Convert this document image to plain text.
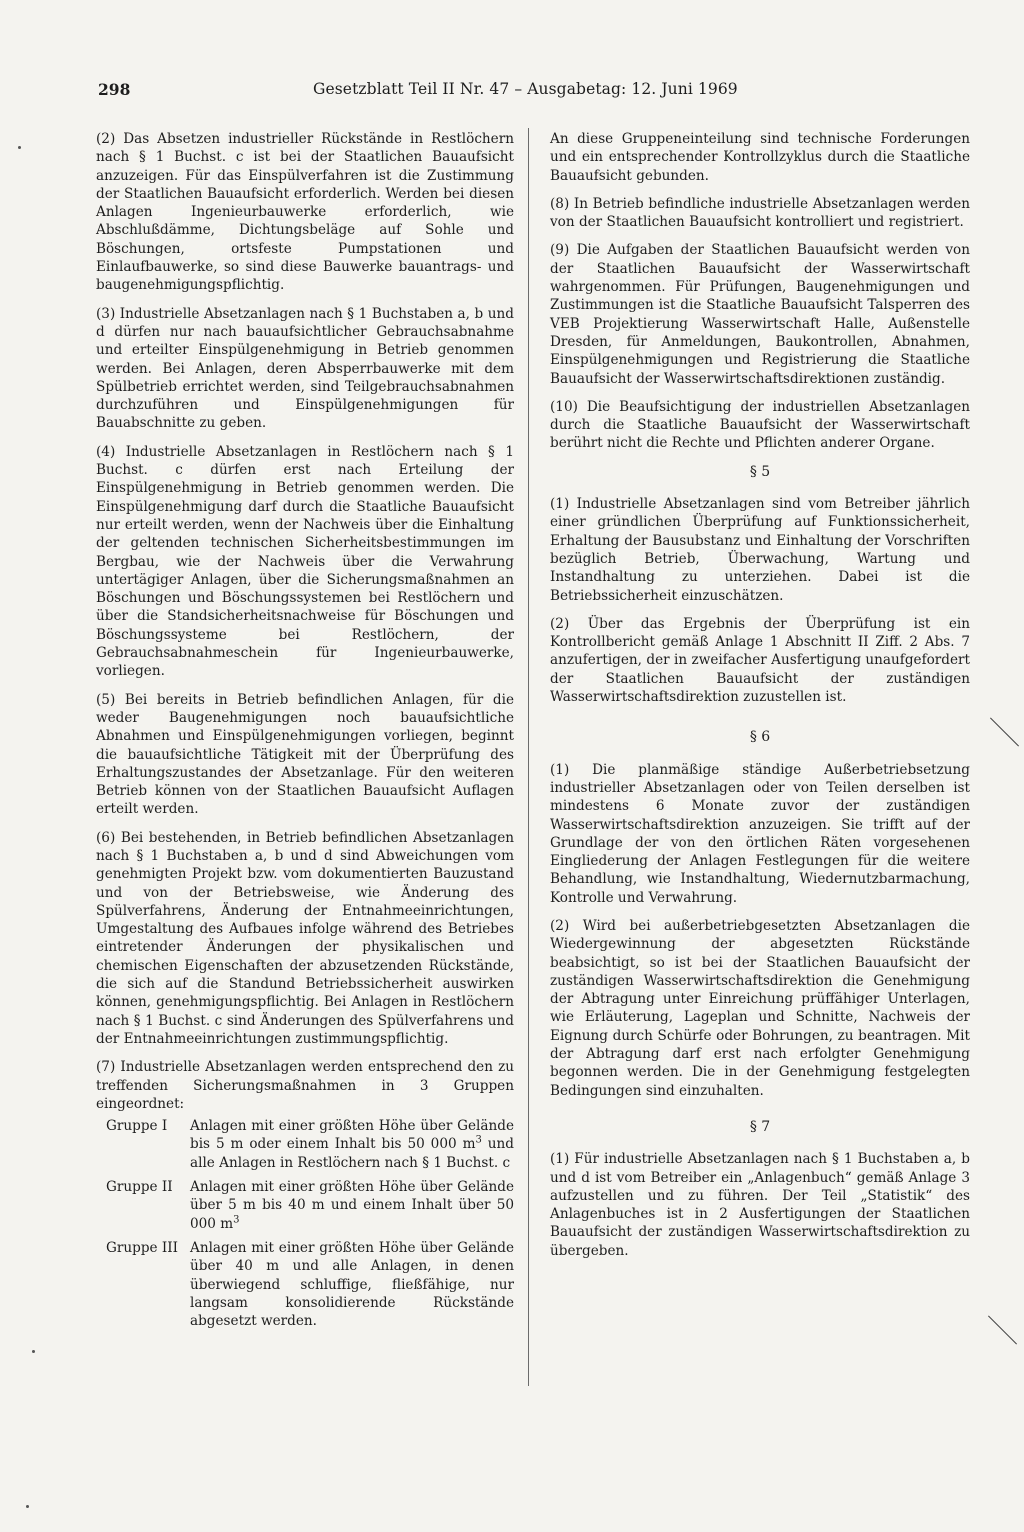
298	Gesetzblatt Teil II Nr. 47 – Ausgabetag: 12. Juni 1969

(2) Das Absetzen industrieller Rückstände in Restlöchern nach § 1 Buchst. c ist bei der Staatlichen Bauaufsicht anzuzeigen. Für das Einspülverfahren ist die Zustimmung der Staatlichen Bauaufsicht erforderlich. Werden bei diesen Anlagen Ingenieurbauwerke erforderlich, wie Abschlußdämme, Dichtungsbeläge auf Sohle und Böschungen, ortsfeste Pumpstationen und Einlaufbauwerke, so sind diese Bauwerke bauantrags- und baugenehmigungspflichtig.

(3) Industrielle Absetzanlagen nach § 1 Buchstaben a, b und d dürfen nur nach bauaufsichtlicher Gebrauchsabnahme und erteilter Einspülgenehmigung in Betrieb genommen werden. Bei Anlagen, deren Absperrbauwerke mit dem Spülbetrieb errichtet werden, sind Teilgebrauchsabnahmen durchzuführen und Einspülgenehmigungen für Bauabschnitte zu geben.

(4) Industrielle Absetzanlagen in Restlöchern nach § 1 Buchst. c dürfen erst nach Erteilung der Einspülgenehmigung in Betrieb genommen werden. Die Einspülgenehmigung darf durch die Staatliche Bauaufsicht nur erteilt werden, wenn der Nachweis über die Einhaltung der geltenden technischen Sicherheitsbestimmungen im Bergbau, wie der Nachweis über die Verwahrung untertägiger Anlagen, über die Sicherungsmaßnahmen an Böschungen und Böschungssystemen bei Restlöchern und über die Standsicherheitsnachweise für Böschungen und Böschungssysteme bei Restlöchern, der Gebrauchsabnahmeschein für Ingenieurbauwerke, vorliegen.

(5) Bei bereits in Betrieb befindlichen Anlagen, für die weder Baugenehmigungen noch bauaufsichtliche Abnahmen und Einspülgenehmigungen vorliegen, beginnt die bauaufsichtliche Tätigkeit mit der Überprüfung des Erhaltungszustandes der Absetzanlage. Für den weiteren Betrieb können von der Staatlichen Bauaufsicht Auflagen erteilt werden.

(6) Bei bestehenden, in Betrieb befindlichen Absetzanlagen nach § 1 Buchstaben a, b und d sind Abweichungen vom genehmigten Projekt bzw. vom dokumentierten Bauzustand und von der Betriebsweise, wie Änderung des Spülverfahrens, Änderung der Entnahmeeinrichtungen, Umgestaltung des Aufbaues infolge während des Betriebes eintretender Änderungen der physikalischen und chemischen Eigenschaften der abzusetzenden Rückstände, die sich auf die Standund Betriebssicherheit auswirken können, genehmigungspflichtig. Bei Anlagen in Restlöchern nach § 1 Buchst. c sind Änderungen des Spülverfahrens und der Entnahmeeinrichtungen zustimmungspflichtig.

(7) Industrielle Absetzanlagen werden entsprechend den zu treffenden Sicherungsmaßnahmen in 3 Gruppen eingeordnet:

Gruppe I	Anlagen mit einer größten Höhe über Gelände bis 5 m oder einem Inhalt bis 50 000 $m^3$ und alle Anlagen in Restlöchern nach § 1 Buchst. c
Gruppe II	Anlagen mit einer größten Höhe über Gelände über 5 m bis 40 m und einem Inhalt über 50 000 $m^3$
Gruppe III Anlagen mit einer größten Höhe über Gelände über 40 m und alle Anlagen, in denen überwiegend schluffige, fließfähige, nur langsam konsolidierende Rückstände abgesetzt werden.

An diese Gruppeneinteilung sind technische Forderungen und ein entsprechender Kontrollzyklus durch die Staatliche Bauaufsicht gebunden.

(8) In Betrieb befindliche industrielle Absetzanlagen werden von der Staatlichen Bauaufsicht kontrolliert und registriert.

(9) Die Aufgaben der Staatlichen Bauaufsicht werden von der Staatlichen Bauaufsicht der Wasserwirtschaft wahrgenommen. Für Prüfungen, Baugenehmigungen und Zustimmungen ist die Staatliche Bauaufsicht Talsperren des VEB Projektierung Wasserwirtschaft Halle, Außenstelle Dresden, für Anmeldungen, Baukontrollen, Abnahmen, Einspülgenehmigungen und Registrierung die Staatliche Bauaufsicht der Wasserwirtschaftsdirektionen zuständig.

(10) Die Beaufsichtigung der industriellen Absetzanlagen durch die Staatliche Bauaufsicht der Wasserwirtschaft berührt nicht die Rechte und Pflichten anderer Organe.

§ 5

(1) Industrielle Absetzanlagen sind vom Betreiber jährlich einer gründlichen Überprüfung auf Funktionssicherheit, Erhaltung der Bausubstanz und Einhaltung der Vorschriften bezüglich Betrieb, Überwachung, Wartung und Instandhaltung zu unterziehen. Dabei ist die Betriebssicherheit einzuschätzen.

(2) Über das Ergebnis der Überprüfung ist ein Kontrollbericht gemäß Anlage 1 Abschnitt II Ziff. 2 Abs. 7 anzufertigen, der in zweifacher Ausfertigung unaufgefordert der Staatlichen Bauaufsicht der zuständigen Wasserwirtschaftsdirektion zuzustellen ist.

§ 6

(1) Die planmäßige ständige Außerbetriebsetzung industrieller Absetzanlagen oder von Teilen derselben ist mindestens 6 Monate zuvor der zuständigen Wasserwirtschaftsdirektion anzuzeigen. Sie trifft auf der Grundlage der von den örtlichen Räten vorgesehenen Eingliederung der Anlagen Festlegungen für die weitere Behandlung, wie Instandhaltung, Wiedernutzbarmachung, Kontrolle und Verwahrung.

(2) Wird bei außerbetriebgesetzten Absetzanlagen die Wiedergewinnung der abgesetzten Rückstände beabsichtigt, so ist bei der Staatlichen Bauaufsicht der zuständigen Wasserwirtschaftsdirektion die Genehmigung der Abtragung unter Einreichung prüffähiger Unterlagen, wie Erläuterung, Lageplan und Schnitte, Nachweis der Eignung durch Schürfe oder Bohrungen, zu beantragen. Mit der Abtragung darf erst nach erfolgter Genehmigung begonnen werden. Die in der Genehmigung festgelegten Bedingungen sind einzuhalten.

§ 7

(1) Für industrielle Absetzanlagen nach § 1 Buchstaben a, b und d ist vom Betreiber ein „Anlagenbuch“ gemäß Anlage 3 aufzustellen und zu führen. Der Teil „Statistik“ des Anlagenbuches ist in 2 Ausfertigungen der Staatlichen Bauaufsicht der zuständigen Wasserwirtschaftsdirektion zu übergeben.
